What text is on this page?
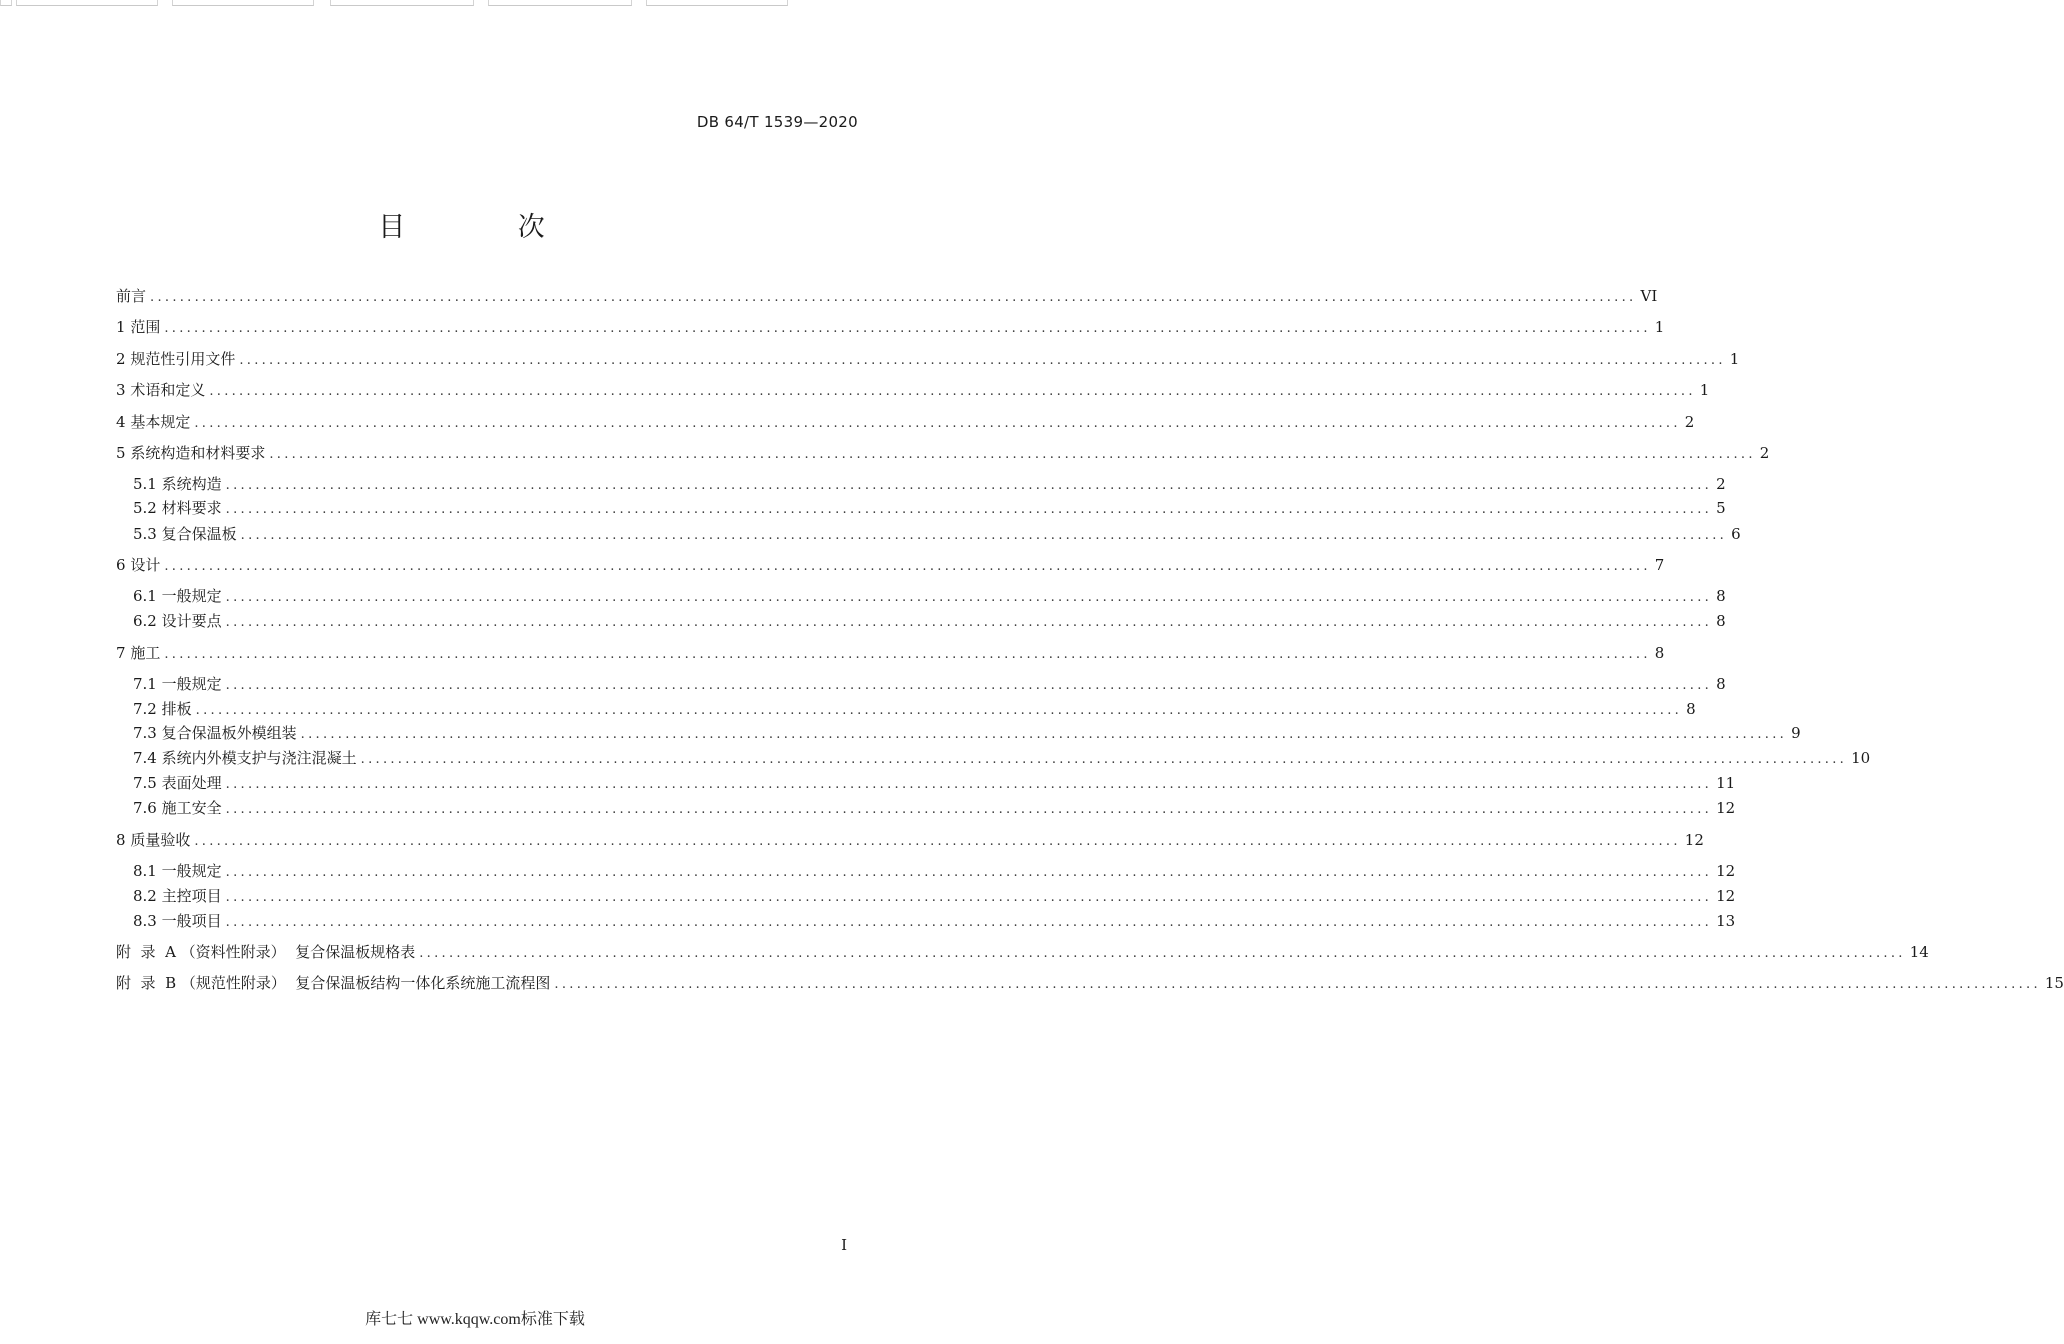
DB 64/T 1539—2020
目 次
前言 ........................................................................................................................................................................................................ VI
1 范围 ........................................................................................................................................................................................................ 1
2 规范性引用文件 ........................................................................................................................................................................................................ 1
3 术语和定义 ........................................................................................................................................................................................................ 1
4 基本规定 ........................................................................................................................................................................................................ 2
5 系统构造和材料要求 ........................................................................................................................................................................................................ 2
5.1 系统构造 ........................................................................................................................................................................................................ 2
5.2 材料要求 ........................................................................................................................................................................................................ 5
5.3 复合保温板 ........................................................................................................................................................................................................ 6
6 设计 ........................................................................................................................................................................................................ 7
6.1 一般规定 ........................................................................................................................................................................................................ 8
6.2 设计要点 ........................................................................................................................................................................................................ 8
7 施工 ........................................................................................................................................................................................................ 8
7.1 一般规定 ........................................................................................................................................................................................................ 8
7.2 排板 ........................................................................................................................................................................................................ 8
7.3 复合保温板外模组装 ........................................................................................................................................................................................................ 9
7.4 系统内外模支护与浇注混凝土 ........................................................................................................................................................................................................ 10
7.5 表面处理 ........................................................................................................................................................................................................ 11
7.6 施工安全 ........................................................................................................................................................................................................ 12
8 质量验收 ........................................................................................................................................................................................................ 12
8.1 一般规定 ........................................................................................................................................................................................................ 12
8.2 主控项目 ........................................................................................................................................................................................................ 12
8.3 一般项目 ........................................................................................................................................................................................................ 13
附  录  A （资料性附录） 复合保温板规格表 ........................................................................................................................................................................................................ 14
附  录  B （规范性附录） 复合保温板结构一体化系统施工流程图 ........................................................................................................................................................................................................ 15
I
库七七 www.kqqw.com标准下载
